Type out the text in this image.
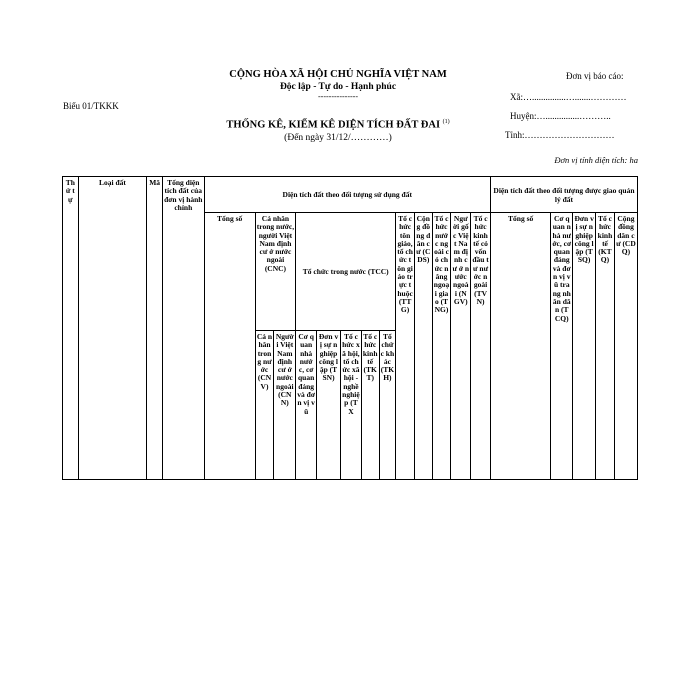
Biểu 01/TKKK
CỘNG HÒA XÃ HỘI CHỦ NGHĨA VIỆT NAM
Độc lập - Tự do - Hạnh phúc
---------------
THỐNG KÊ, KIỂM KÊ DIỆN TÍCH ĐẤT ĐAI $^{(1)}$
(Đến ngày 31/12/…………)
Đơn vị báo cáo:
Xã:…...............….......…………
Huyện:…...............………..
Tỉnh:…………………………
Đơn vị tính diện tích: ha
Thứ tự	Loại đất	Mã	Tổng diện tích đất của đơn vị hành chính	Diện tích đất theo đối tượng sử dụng đất													Diện tích đất theo đối tượng được giao quản lý đất				
				Tổng số	Cá nhân trong nước, người Việt Nam định cư ở nước ngoài (CNC)		Tổ chức trong nước (TCC)					Tổ chức tôn giáo, tổ chức tôn giáo trực thuộc (TTG)	Cộng đồng dân cư (CDS)	Tổ chức nước ngoài có chức năng ngoại giao (TNG)	Người gốc Việt Nam định cư ở nước ngoài (NGV)	Tổ chức kinh tế có vốn đầu tư nước ngoài (TVN)	Tổng số	Cơ quan nhà nước, cơ quan đảng và đơn vị vũ trang nhân dân (TCQ)	Đơn vị sự nghiệp công lập (TSQ)	Tổ chức kinh tế (KTQ)	Cộng đồng dân cư (CDQ)
					Cá nhân trong nước (CNV)	Người Việt Nam định cư ở nước ngoài (CNN)	Cơ quan nhà nước, cơ quan đảng và đơn vị vũ	Đơn vị sự nghiệp công lập (TSN)	Tổ chức xã hội, tổ chức xã hội - nghề nghiệp (TX	Tổ chức kinh tế (TKT)	Tổ chức khác (TKH)										
